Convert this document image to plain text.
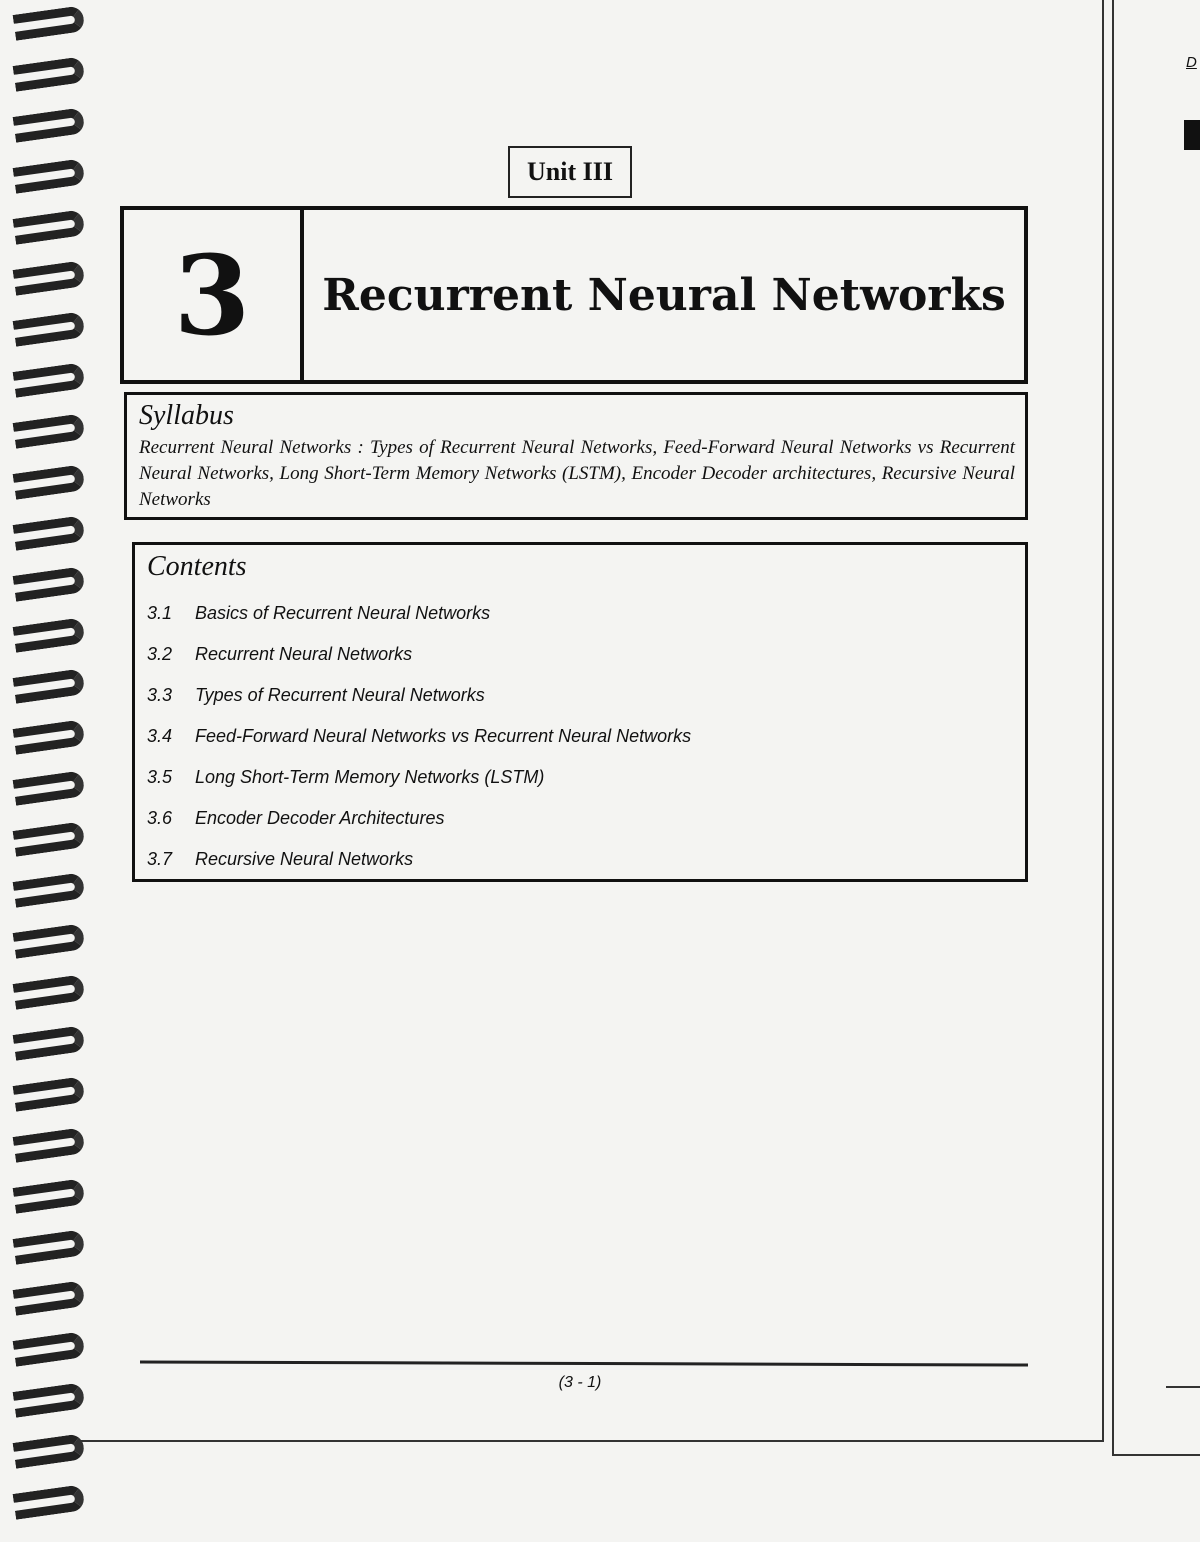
D
Unit III
3	Recurrent Neural Networks

Syllabus

Recurrent Neural Networks : Types of Recurrent Neural Networks, Feed-Forward Neural Networks vs Recurrent Neural Networks, Long Short-Term Memory Networks (LSTM), Encoder Decoder architectures, Recursive Neural Networks

Contents

3.1	Basics of Recurrent Neural Networks
3.2	Recurrent Neural Networks
3.3	Types of Recurrent Neural Networks
3.4	Feed-Forward Neural Networks vs Recurrent Neural Networks
3.5	Long Short-Term Memory Networks (LSTM)
3.6	Encoder Decoder Architectures
3.7	Recursive Neural Networks
(3 - 1)
